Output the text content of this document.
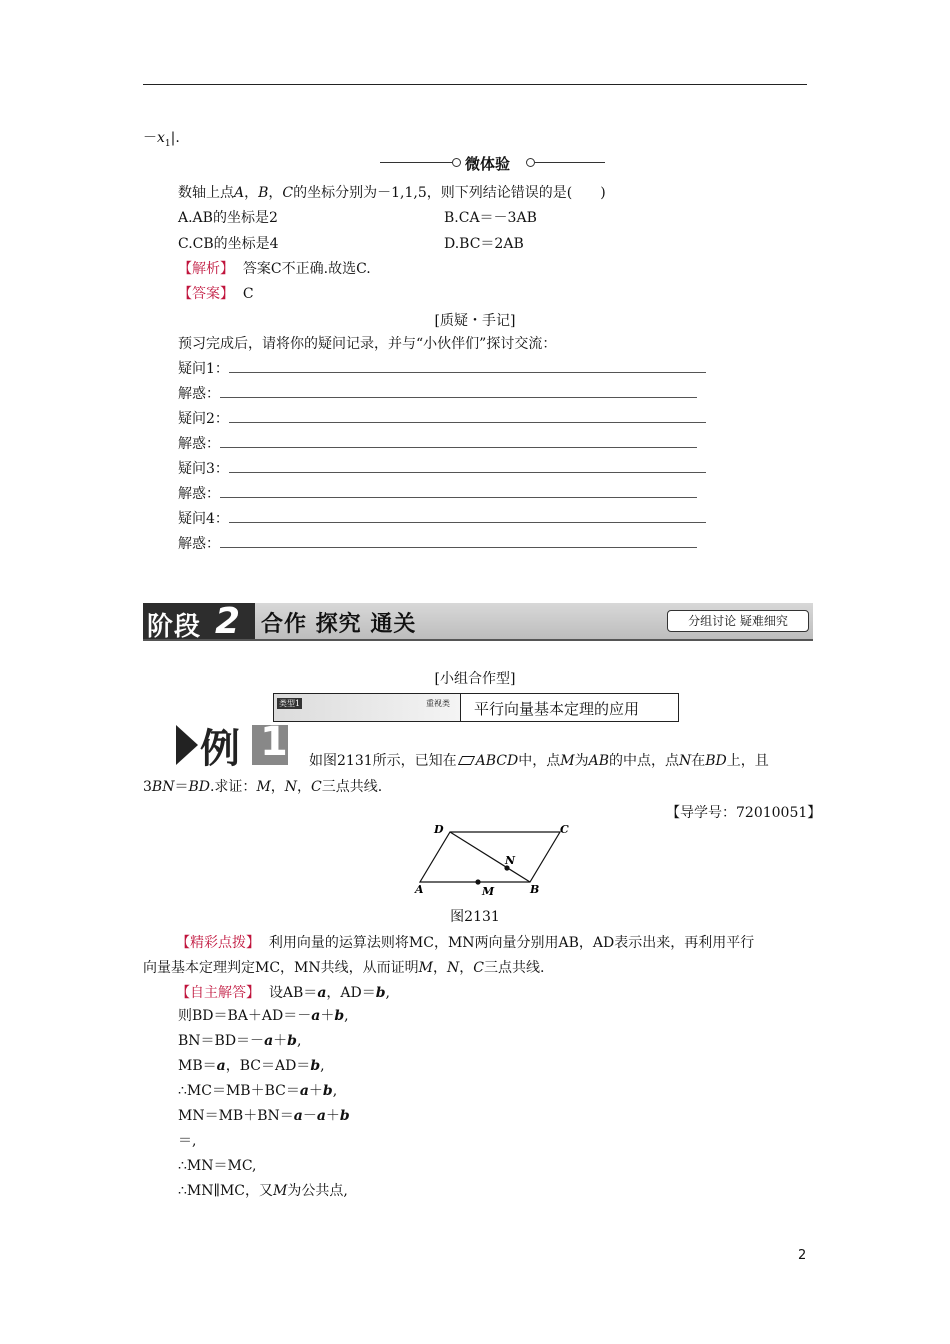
$-x_1|$.
微体验
数轴上点A，B，C的坐标分别为－1,1,5，则下列结论错误的是(　　)
A.AB的坐标是2	B.CA＝－3AB
C.CB的坐标是4	D.BC＝2AB
【解析】 答案C不正确.故选C.
【答案】 C
[质疑・手记]
预习完成后，请将你的疑问记录，并与“小伙伴们”探讨交流：
疑问1：
解惑：
疑问2：
解惑：
疑问3：
解惑：
疑问4：
解惑：
阶段 2 合作 探究 通关	分组讨论 疑难细究
[小组合作型]
类型1	重视类 平行向量基本定理的应用
例 1 如图2131所示，已知在 ABCD中，点M为AB的中点，点N在BD上，且
3BN＝BD.求证：M，N，C三点共线.
【导学号：72010051】
D	C
A	B
M
N
图2131
【精彩点拨】 利用向量的运算法则将MC，MN两向量分别用AB，AD表示出来，再利用平行
向量基本定理判定MC，MN共线，从而证明M，N，C三点共线.
【自主解答】 设AB＝a，AD＝b,
则BD＝BA＋AD＝－a＋b,
BN＝BD＝－a＋b,
MB＝a，BC＝AD＝b,
∴MC＝MB＋BC＝a＋b,
MN＝MB＋BN＝a－a＋b
＝,
∴MN＝MC,
∴MN∥MC，又M为公共点,
2
